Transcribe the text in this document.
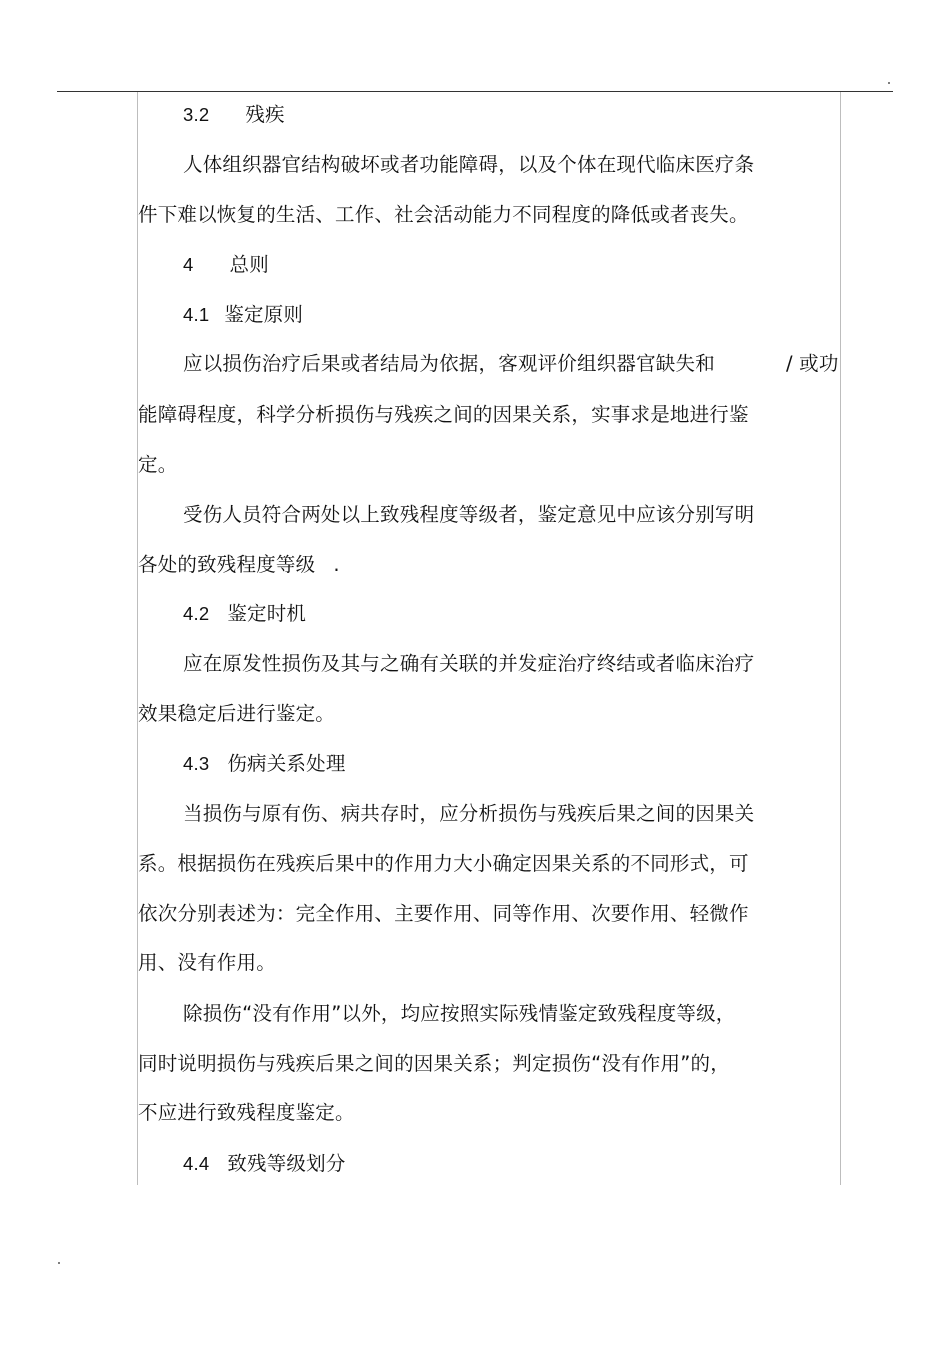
3.2 残疾
人体组织器官结构破坏或者功能障碍，以及个体在现代临床医疗条
件下难以恢复的生活、工作、社会活动能力不同程度的降低或者丧失。
4 总则
4.1 鉴定原则
应以损伤治疗后果或者结局为依据，客观评价组织器官缺失和	/ 或功
能障碍程度，科学分析损伤与残疾之间的因果关系，实事求是地进行鉴
定。
受伤人员符合两处以上致残程度等级者，鉴定意见中应该分别写明
各处的致残程度等级 .
4.2 鉴定时机
应在原发性损伤及其与之确有关联的并发症治疗终结或者临床治疗
效果稳定后进行鉴定。
4.3 伤病关系处理
当损伤与原有伤、病共存时，应分析损伤与残疾后果之间的因果关
系。根据损伤在残疾后果中的作用力大小确定因果关系的不同形式，可
依次分别表述为：完全作用、主要作用、同等作用、次要作用、轻微作
用、没有作用。
除损伤“没有作用”以外，均应按照实际残情鉴定致残程度等级，
同时说明损伤与残疾后果之间的因果关系；判定损伤“没有作用”的，
不应进行致残程度鉴定。
4.4 致残等级划分
